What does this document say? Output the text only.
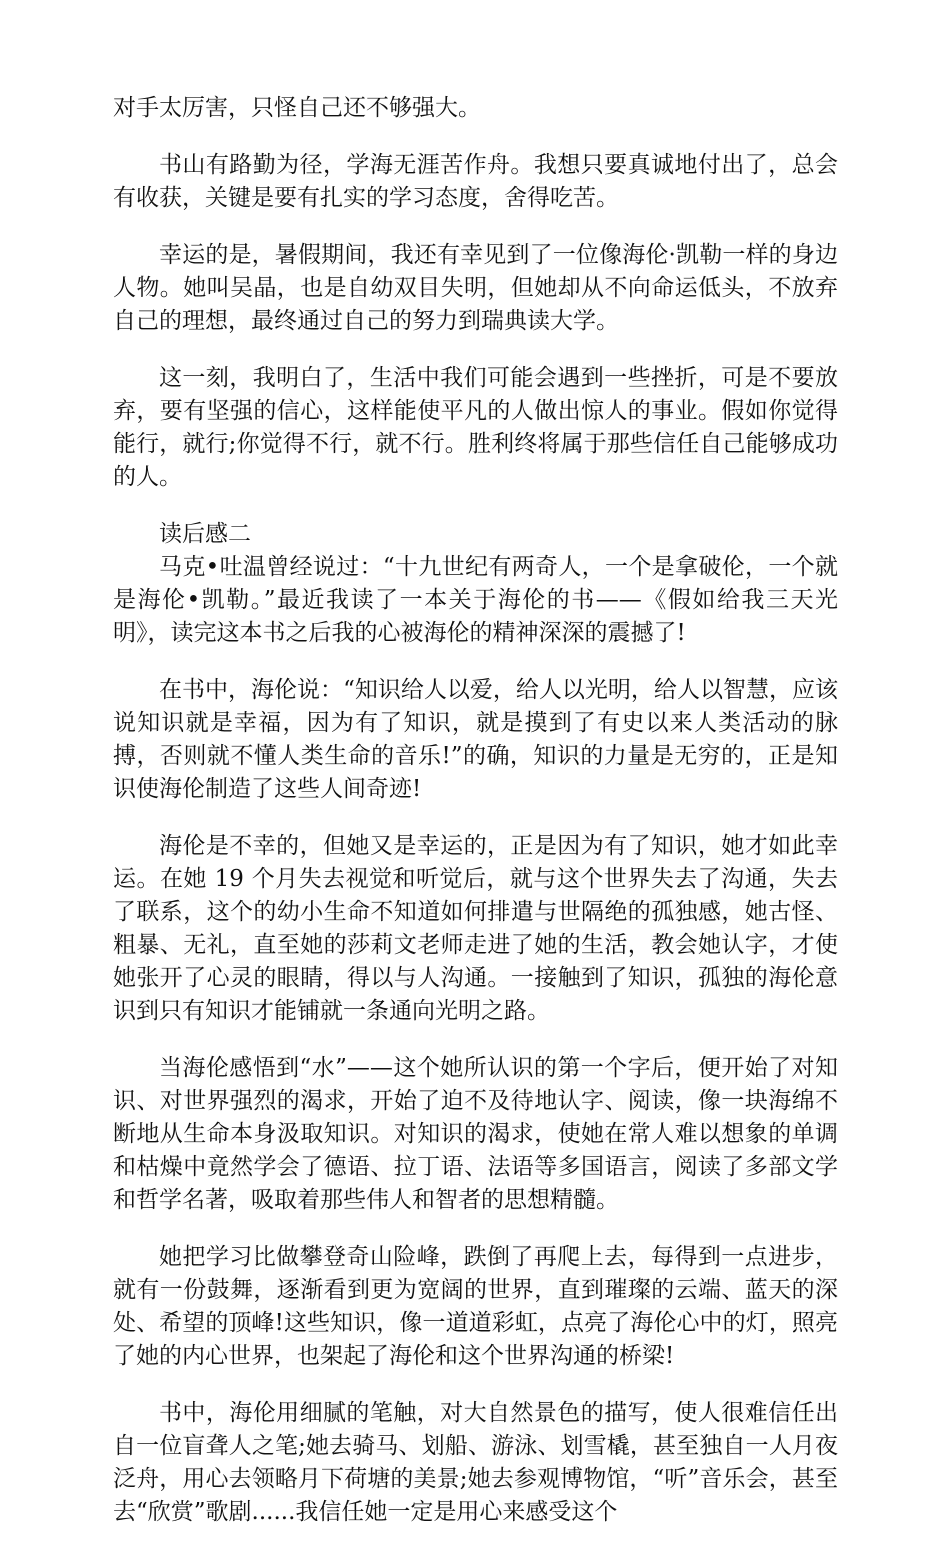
对手太厉害，只怪自己还不够强大。

书山有路勤为径，学海无涯苦作舟。我想只要真诚地付出了，总会有收获，关键是要有扎实的学习态度，舍得吃苦。

幸运的是，暑假期间，我还有幸见到了一位像海伦·凯勒一样的身边人物。她叫吴晶，也是自幼双目失明，但她却从不向命运低头，不放弃自己的理想，最终通过自己的努力到瑞典读大学。

这一刻，我明白了，生活中我们可能会遇到一些挫折，可是不要放弃，要有坚强的信心，这样能使平凡的人做出惊人的事业。假如你觉得能行，就行;你觉得不行，就不行。胜利终将属于那些信任自己能够成功的人。

读后感二

马克•吐温曾经说过：“十九世纪有两奇人，一个是拿破伦，一个就是海伦•凯勒。”最近我读了一本关于海伦的书——《假如给我三天光明》，读完这本书之后我的心被海伦的精神深深的震撼了!

在书中，海伦说：“知识给人以爱，给人以光明，给人以智慧，应该说知识就是幸福，因为有了知识，就是摸到了有史以来人类活动的脉搏，否则就不懂人类生命的音乐!”的确，知识的力量是无穷的，正是知识使海伦制造了这些人间奇迹!

海伦是不幸的，但她又是幸运的，正是因为有了知识，她才如此幸运。在她 19 个月失去视觉和听觉后，就与这个世界失去了沟通，失去了联系，这个的幼小生命不知道如何排遣与世隔绝的孤独感，她古怪、粗暴、无礼，直至她的莎莉文老师走进了她的生活，教会她认字，才使她张开了心灵的眼睛，得以与人沟通。一接触到了知识，孤独的海伦意识到只有知识才能铺就一条通向光明之路。

当海伦感悟到“水”——这个她所认识的第一个字后，便开始了对知识、对世界强烈的渴求，开始了迫不及待地认字、阅读，像一块海绵不断地从生命本身汲取知识。对知识的渴求，使她在常人难以想象的单调和枯燥中竟然学会了德语、拉丁语、法语等多国语言，阅读了多部文学和哲学名著，吸取着那些伟人和智者的思想精髓。

她把学习比做攀登奇山险峰，跌倒了再爬上去，每得到一点进步，就有一份鼓舞，逐渐看到更为宽阔的世界，直到璀璨的云端、蓝天的深处、希望的顶峰!这些知识，像一道道彩虹，点亮了海伦心中的灯，照亮了她的内心世界，也架起了海伦和这个世界沟通的桥梁!

书中，海伦用细腻的笔触，对大自然景色的描写，使人很难信任出自一位盲聋人之笔;她去骑马、划船、游泳、划雪橇，甚至独自一人月夜泛舟，用心去领略月下荷塘的美景;她去参观博物馆，“听”音乐会，甚至去“欣赏”歌剧......我信任她一定是用心来感受这个
